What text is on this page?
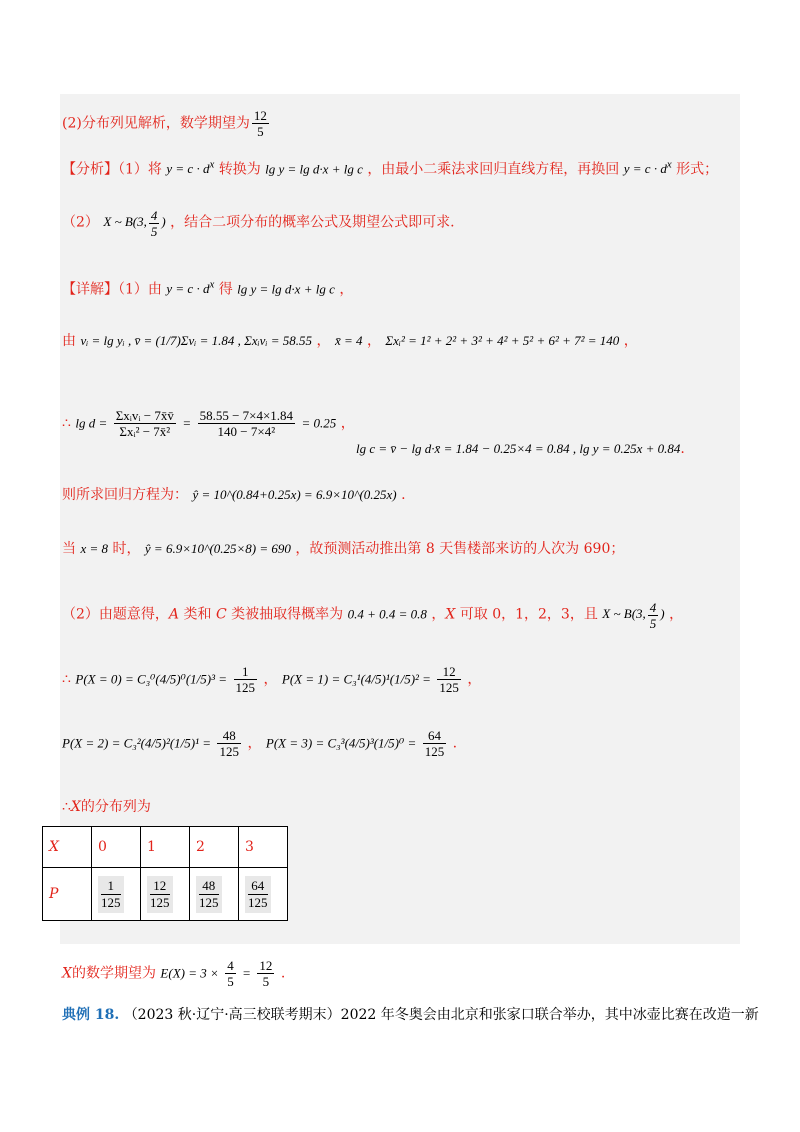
(2)分布列见解析，数学期望为 $\frac{12}{5}$
【分析】（1）将 $y = c \cdot d^x$ 转换为 lg y = lg d·x + lg c ，由最小二乘法求回归直线方程，再换回 $y = c \cdot d^x$ 形式；
（2） X ~ B(3, $\frac{4}{5}$ ) ，结合二项分布的概率公式及期望公式即可求.
【详解】（1）由 $y = c \cdot d^x$ 得 lg y = lg d·x + lg c ，
由 vᵢ = lg yᵢ , v̄ = (1/7)Σvᵢ = 1.84 , Σxᵢvᵢ = 58.55 ， x̄ = 4 ， Σxᵢ² = 1² + 2² + 3² + 4² + 5² + 6² + 7² = 140 ，
∴ $\lg d = \frac{\text{Σxᵢvᵢ − 7x̄v̄}}{\text{Σxᵢ² − 7x̄²}} = \frac{58.55 - 7\times 4\times 1.84}{\text{140 − 7×4²}} = 0.25$ ，
lg c = v̄ − lg d·x̄ = 1.84 − 0.25×4 = 0.84 , lg y = 0.25x + 0.84.
则所求回归方程为： ŷ = 10^(0.84+0.25x) = 6.9×10^(0.25x) .
当 x = 8 时， ŷ = 6.9×10^(0.25×8) = 690 ，故预测活动推出第 8 天售楼部来访的人次为 690；
（2）由题意得，A 类和 C 类被抽取得概率为 0.4 + 0.4 = 0.8 ，X 可取 0，1，2，3，且 X ~ B(3, $\frac{4}{5}$ ) ，
∴ $P(X = 0) = C_3^0(4/5)^0(1/5)^3 = \frac{1}{125}$ ， $P(X = 1) = C_3^1(4/5)^1(1/5)^2 = \frac{12}{125}$ ，
$P(X = 2) = C_3^2(4/5)^2(1/5)^1 = \frac{48}{125}$ ， $P(X = 3) = C_3^3(4/5)^3(1/5)^0 = \frac{64}{125}$ .
∴X的分布列为
X	0	1	2	3
P	$\frac{1}{125}$	$\frac{12}{125}$	$\frac{48}{125}$	$\frac{64}{125}$
X的数学期望为 $E(X) = 3 \times \frac{4}{5} = \frac{12}{5}$ .
典例 18. （2023 秋·辽宁·高三校联考期末）2022 年冬奥会由北京和张家口联合举办，其中冰壶比赛在改造一新
